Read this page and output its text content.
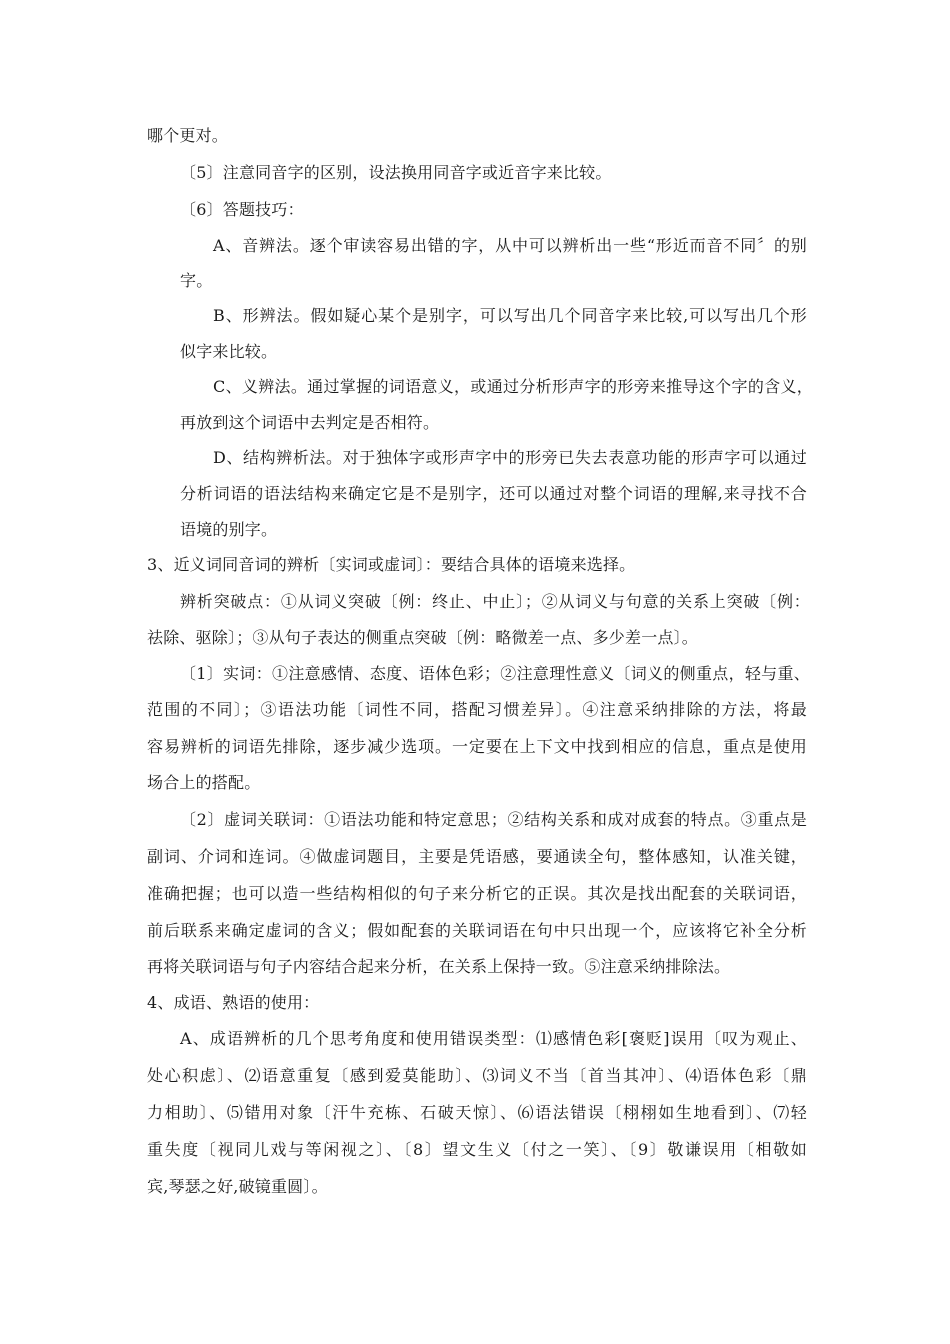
哪个更对。
〔5〕注意同音字的区别，设法换用同音字或近音字来比较。
〔6〕答题技巧：
A、音辨法。逐个审读容易出错的字，从中可以辨析出一些“形近而音不同〞的别
字。
B、形辨法。假如疑心某个是别字，可以写出几个同音字来比较,可以写出几个形
似字来比较。
C、义辨法。通过掌握的词语意义，或通过分析形声字的形旁来推导这个字的含义，
再放到这个词语中去判定是否相符。
D、结构辨析法。对于独体字或形声字中的形旁已失去表意功能的形声字可以通过
分析词语的语法结构来确定它是不是别字，还可以通过对整个词语的理解,来寻找不合
语境的别字。
3、近义词同音词的辨析〔实词或虚词〕：要结合具体的语境来选择。
辨析突破点：①从词义突破〔例：终止、中止〕；②从词义与句意的关系上突破〔例：
祛除、驱除〕；③从句子表达的侧重点突破〔例：略微差一点、多少差一点〕。
〔1〕实词：①注意感情、态度、语体色彩；②注意理性意义〔词义的侧重点，轻与重、
范围的不同〕；③语法功能〔词性不同，搭配习惯差异〕。④注意采纳排除的方法，将最
容易辨析的词语先排除，逐步减少选项。一定要在上下文中找到相应的信息，重点是使用
场合上的搭配。
〔2〕虚词关联词：①语法功能和特定意思；②结构关系和成对成套的特点。③重点是
副词、介词和连词。④做虚词题目，主要是凭语感，要通读全句，整体感知，认准关键，
准确把握；也可以造一些结构相似的句子来分析它的正误。其次是找出配套的关联词语，
前后联系来确定虚词的含义；假如配套的关联词语在句中只出现一个，应该将它补全分析
再将关联词语与句子内容结合起来分析，在关系上保持一致。⑤注意采纳排除法。
4、成语、熟语的使用：
A、成语辨析的几个思考角度和使用错误类型：⑴感情色彩[褒贬]误用〔叹为观止、
处心积虑〕、⑵语意重复〔感到爱莫能助〕、⑶词义不当〔首当其冲〕、⑷语体色彩〔鼎
力相助〕、⑸错用对象〔汗牛充栋、石破天惊〕、⑹语法错误〔栩栩如生地看到〕、⑺轻
重失度〔视同儿戏与等闲视之〕、〔8〕望文生义〔付之一笑〕、〔9〕敬谦误用〔相敬如
宾,琴瑟之好,破镜重圆〕。
